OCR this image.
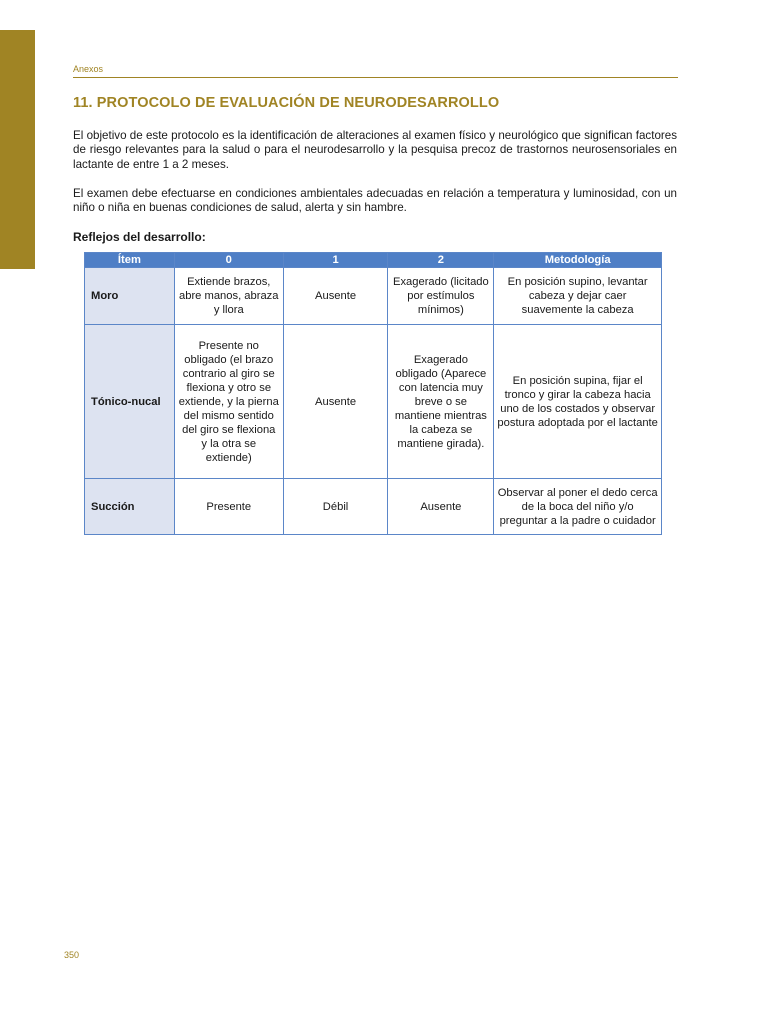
Anexos
11. PROTOCOLO DE EVALUACIÓN DE NEURODESARROLLO

El objetivo de este protocolo es la identificación de alteraciones al examen físico y neurológico que significan factores de riesgo relevantes para la salud o para el neurodesarrollo y la pesquisa precoz de trastornos neurosensoriales en lactante de entre 1 a 2 meses.

El examen debe efectuarse en condiciones ambientales adecuadas en relación a temperatura y luminosidad, con un niño o niña en buenas condiciones de salud, alerta y sin hambre.

Reflejos del desarrollo:
Ítem	0	1	2	Metodología
Moro	Extiende brazos, abre manos, abraza y llora	Ausente	Exagerado (licitado por estímulos mínimos)	En posición supino, levantar cabeza y dejar caer suavemente la cabeza
Tónico-nucal	Presente no obligado (el brazo contrario al giro se flexiona y otro se extiende, y la pierna del mismo sentido del giro se flexiona y la otra se extiende)	Ausente	Exagerado obligado (Aparece con latencia muy breve o se mantiene mientras la cabeza se mantiene girada).	En posición supina, fijar el tronco y girar la cabeza hacia uno de los costados y observar postura adoptada por el lactante
Succión	Presente	Débil	Ausente	Observar al poner el dedo cerca de la boca del niño y/o preguntar a la padre o cuidador
350
